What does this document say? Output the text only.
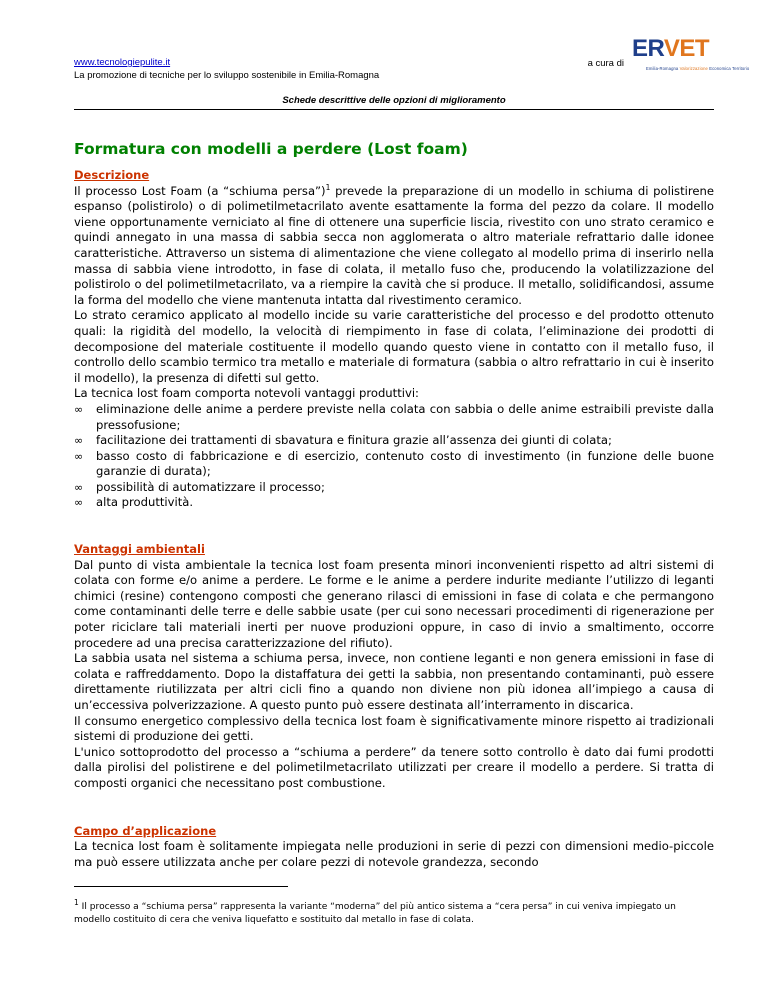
www.tecnologiepulite.it
La promozione di tecniche per lo sviluppo sostenibile in Emilia-Romagna
a cura di
ERVET
Emilia-Romagna Valorizzazione Economica Territorio
Schede descrittive delle opzioni di miglioramento
Formatura con modelli a perdere (Lost foam)
Descrizione

Il processo Lost Foam (a “schiuma persa”)$^1$ prevede la preparazione di un modello in schiuma di polistirene espanso (polistirolo) o di polimetilmetacrilato avente esattamente la forma del pezzo da colare. Il modello viene opportunamente verniciato al fine di ottenere una superficie liscia, rivestito con uno strato ceramico e quindi annegato in una massa di sabbia secca non agglomerata o altro materiale refrattario dalle idonee caratteristiche. Attraverso un sistema di alimentazione che viene collegato al modello prima di inserirlo nella massa di sabbia viene introdotto, in fase di colata, il metallo fuso che, producendo la volatilizzazione del polistirolo o del polimetilmetacrilato, va a riempire la cavità che si produce. Il metallo, solidificandosi, assume la forma del modello che viene mantenuta intatta dal rivestimento ceramico.

Lo strato ceramico applicato al modello incide su varie caratteristiche del processo e del prodotto ottenuto quali: la rigidità del modello, la velocità di riempimento in fase di colata, l’eliminazione dei prodotti di decomposione del materiale costituente il modello quando questo viene in contatto con il metallo fuso, il controllo dello scambio termico tra metallo e materiale di formatura (sabbia o altro refrattario in cui è inserito il modello), la presenza di difetti sul getto.

La tecnica lost foam comporta notevoli vantaggi produttivi:

∞ eliminazione delle anime a perdere previste nella colata con sabbia o delle anime estraibili previste dalla pressofusione;
∞ facilitazione dei trattamenti di sbavatura e finitura grazie all’assenza dei giunti di colata;
∞ basso costo di fabbricazione e di esercizio, contenuto costo di investimento (in funzione delle buone garanzie di durata);
∞ possibilità di automatizzare il processo;
∞ alta produttività.
Vantaggi ambientali

Dal punto di vista ambientale la tecnica lost foam presenta minori inconvenienti rispetto ad altri sistemi di colata con forme e/o anime a perdere. Le forme e le anime a perdere indurite mediante l’utilizzo di leganti chimici (resine) contengono composti che generano rilasci di emissioni in fase di colata e che permangono come contaminanti delle terre e delle sabbie usate (per cui sono necessari procedimenti di rigenerazione per poter riciclare tali materiali inerti per nuove produzioni oppure, in caso di invio a smaltimento, occorre procedere ad una precisa caratterizzazione del rifiuto).

La sabbia usata nel sistema a schiuma persa, invece, non contiene leganti e non genera emissioni in fase di colata e raffreddamento. Dopo la distaffatura dei getti la sabbia, non presentando contaminanti, può essere direttamente riutilizzata per altri cicli fino a quando non diviene non più idonea all’impiego a causa di un’eccessiva polverizzazione. A questo punto può essere destinata all’interramento in discarica.

Il consumo energetico complessivo della tecnica lost foam è significativamente minore rispetto ai tradizionali sistemi di produzione dei getti.

L'unico sottoprodotto del processo a “schiuma a perdere” da tenere sotto controllo è dato dai fumi prodotti dalla pirolisi del polistirene e del polimetilmetacrilato utilizzati per creare il modello a perdere. Si tratta di composti organici che necessitano post combustione.

Campo d’applicazione

La tecnica lost foam è solitamente impiegata nelle produzioni in serie di pezzi con dimensioni medio-piccole ma può essere utilizzata anche per colare pezzi di notevole grandezza, secondo

$^1$ Il processo a “schiuma persa” rappresenta la variante “moderna” del più antico sistema a “cera persa” in cui veniva impiegato un modello costituito di cera che veniva liquefatto e sostituito dal metallo in fase di colata.
